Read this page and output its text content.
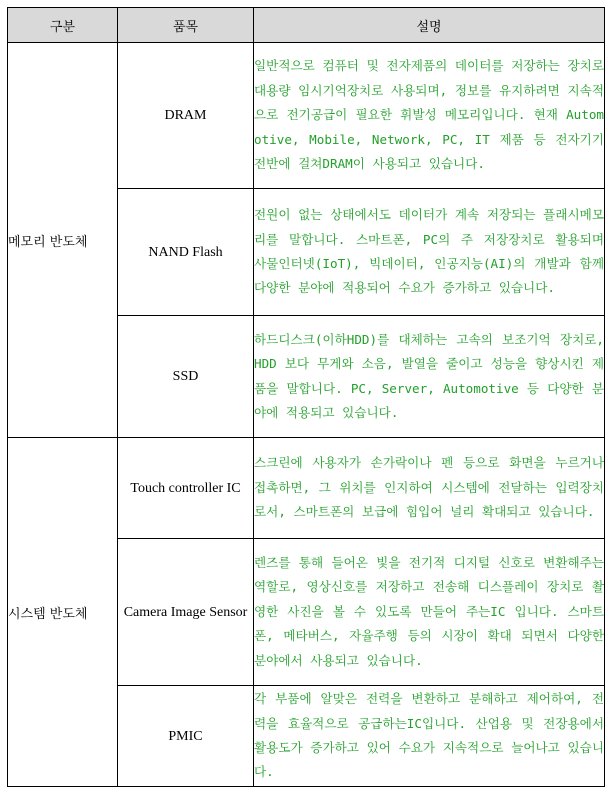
구분	품목	설명
메모리 반도체	DRAM	일반적으로 컴퓨터 및 전자제품의 데이터를 저장하는 장치로 대용량 임시기억장치로 사용되며, 정보를 유지하려면 지속적으로 전기공급이 필요한 휘발성 메모리입니다. 현재 Automotive, Mobile, Network, PC, IT 제품 등 전자기기 전반에 걸쳐DRAM이 사용되고 있습니다.
	NAND Flash	전원이 없는 상태에서도 데이터가 계속 저장되는 플래시메모리를 말합니다. 스마트폰, PC의 주 저장장치로 활용되며 사물인터넷(IoT), 빅데이터, 인공지능(AI)의 개발과 함께 다양한 분야에 적용되어 수요가 증가하고 있습니다.
	SSD	하드디스크(이하HDD)를 대체하는 고속의 보조기억 장치로, HDD 보다 무게와 소음, 발열을 줄이고 성능을 향상시킨 제품을 말합니다. PC, Server, Automotive 등 다양한 분야에 적용되고 있습니다.
시스템 반도체	Touch controller IC	스크린에 사용자가 손가락이나 펜 등으로 화면을 누르거나 접촉하면, 그 위치를 인지하여 시스템에 전달하는 입력장치로서, 스마트폰의 보급에 힘입어 널리 확대되고 있습니다.
	Camera Image Sensor	렌즈를 통해 들어온 빛을 전기적 디지털 신호로 변환해주는 역할로, 영상신호를 저장하고 전송해 디스플레이 장치로 촬영한 사진을 볼 수 있도록 만들어 주는IC 입니다. 스마트폰, 메타버스, 자율주행 등의 시장이 확대 되면서 다양한 분야에서 사용되고 있습니다.
	PMIC	각 부품에 알맞은 전력을 변환하고 분해하고 제어하여, 전력을 효율적으로 공급하는IC입니다. 산업용 및 전장용에서 활용도가 증가하고 있어 수요가 지속적으로 늘어나고 있습니다.
